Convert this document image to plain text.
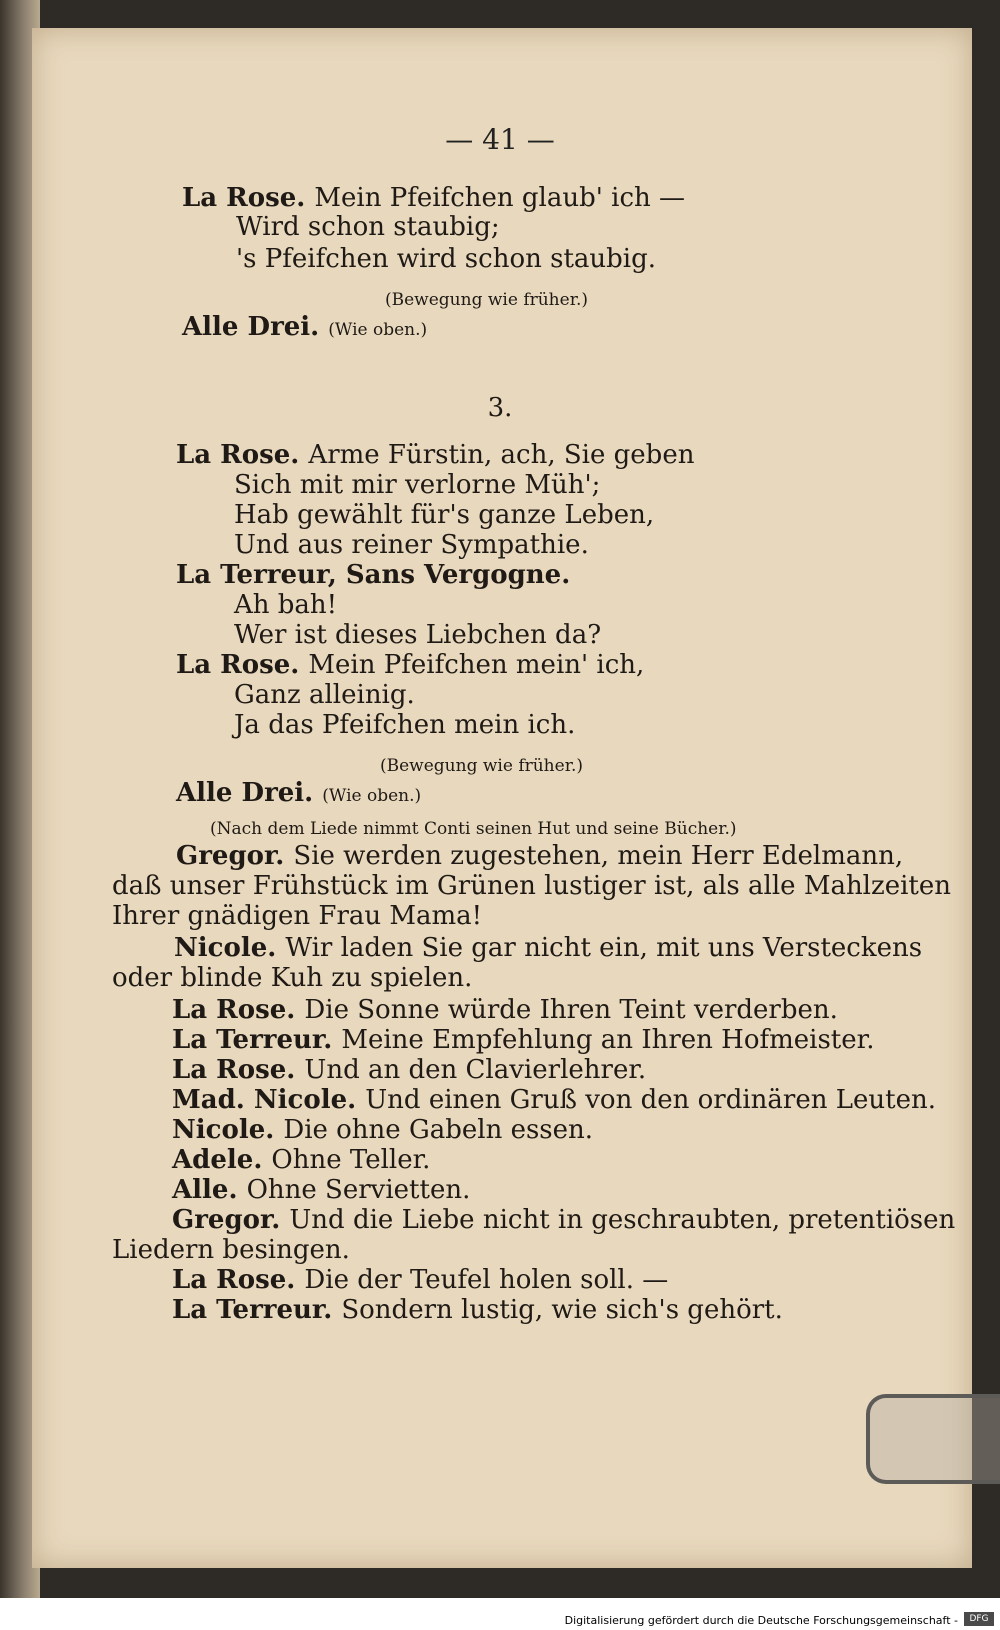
— 41 —
La Rose. Mein Pfeifchen glaub' ich —
Wird schon staubig;
's Pfeifchen wird schon staubig.
(Bewegung wie früher.)
Alle Drei. (Wie oben.)
La Rose. Arme Fürstin, ach, Sie geben
Sich mit mir verlorne Müh';
Hab gewählt für's ganze Leben,
Und aus reiner Sympathie.
La Terreur, Sans Vergogne.
Ah bah!
Wer ist dieses Liebchen da?
La Rose. Mein Pfeifchen mein' ich,
Ganz alleinig.
Ja das Pfeifchen mein ich.
(Bewegung wie früher.)
Alle Drei. (Wie oben.)
(Nach dem Liede nimmt Conti seinen Hut und seine Bücher.)
Gregor. Sie werden zugestehen, mein Herr Edelmann,
daß unser Frühstück im Grünen lustiger ist, als alle Mahlzeiten
Ihrer gnädigen Frau Mama!
Nicole. Wir laden Sie gar nicht ein, mit uns Versteckens
oder blinde Kuh zu spielen.
La Rose. Die Sonne würde Ihren Teint verderben.
La Terreur. Meine Empfehlung an Ihren Hofmeister.
La Rose. Und an den Clavierlehrer.
Mad. Nicole. Und einen Gruß von den ordinären Leuten.
Nicole. Die ohne Gabeln essen.
Adele. Ohne Teller.
Alle. Ohne Servietten.
Gregor. Und die Liebe nicht in geschraubten, pretentiösen
Liedern besingen.
La Rose. Die der Teufel holen soll. —
La Terreur. Sondern lustig, wie sich's gehört.
3.
Digitalisierung gefördert durch die Deutsche Forschungsgemeinschaft -	DFG
